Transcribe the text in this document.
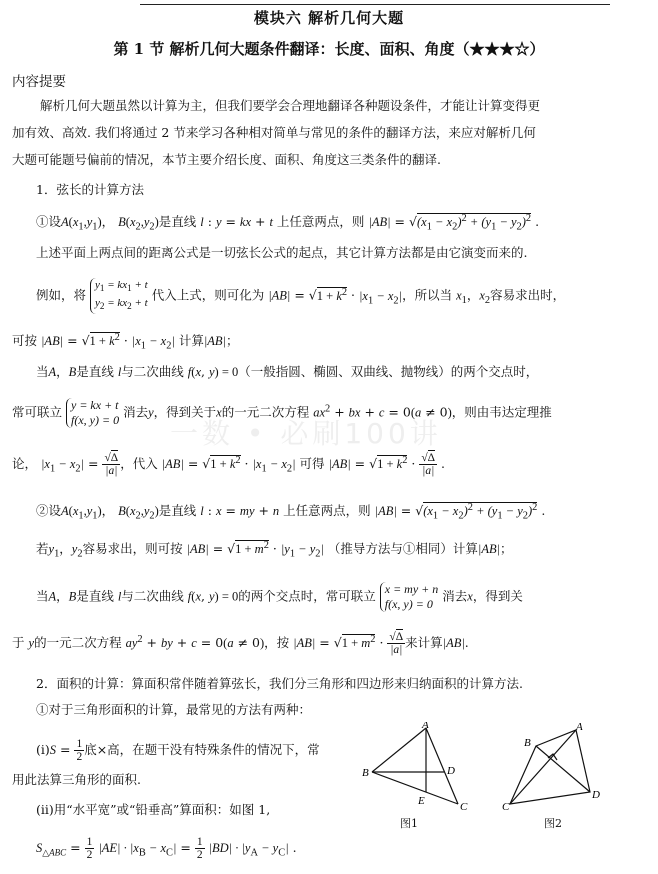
模块六 解析几何大题
第 1 节 解析几何大题条件翻译：长度、面积、角度（★★★☆）
内容提要
解析几何大题虽然以计算为主，但我们要学会合理地翻译各种题设条件，才能让计算变得更
加有效、高效. 我们将通过 2 节来学习各种相对简单与常见的条件的翻译方法，来应对解析几何
大题可能题号偏前的情况，本节主要介绍长度、面积、角度这三类条件的翻译.
1．弦长的计算方法
①设$A(x_1,y_1)$， $B(x_2,y_2)$是直线 l : y = kx + t 上任意两点，则 $|AB| = √(x_1 - x_2)^2 + (y_1 - y_2)^2$ .
上述平面上两点间的距离公式是一切弦长公式的起点，其它计算方法都是由它演变而来的.
例如，将 $y_1 = kx_1 + t$
$y_2 = kx_2 + t$ 代入上式，则可化为 $|AB| = √1 + k^2 \cdot |x_1 - x_2|$，所以当 $x_1$，$x_2$容易求出时，
可按 $|AB| = √1 + k^2 \cdot |x_1 - x_2|$ 计算|AB|；
当A，B是直线 l与二次曲线 f(x, y) = 0（一般指圆、椭圆、双曲线、抛物线）的两个交点时，
常可联立 y = kx + t
f(x, y) = 0 消去y，得到关于x的一元二次方程 $ax^2$ + bx + c = 0(a ≠ 0)，则由韦达定理推
论， $|x_1 - x_2| = \frac{√\Delta}{|a|}$ ，代入 $|AB| = √1 + k^2 \cdot |x_1 - x_2|$ 可得 $|AB| = √1 + k^2 \cdot \frac{√\Delta}{|a|}$ .
②设$A(x_1,y_1)$， $B(x_2,y_2)$是直线 l : x = my + n 上任意两点，则 $|AB| = √(x_1 - x_2)^2 + (y_1 - y_2)^2$ .
若$y_1$，$y_2$容易求出，则可按 $|AB| = √1 + m^2 \cdot |y_1 - y_2|$ （推导方法与①相同）计算|AB|；
当A，B是直线 l与二次曲线 f(x, y) = 0的两个交点时，常可联立 x = my + n
f(x, y) = 0 消去x，得到关
于 y的一元二次方程 $ay^2$ + by + c = 0(a ≠ 0)，按 $|AB| = √1 + m^2 \cdot \frac{√\Delta}{|a|}$ 来计算|AB|.
2．面积的计算：算面积常伴随着算弦长，我们分三角形和四边形来归纳面积的计算方法.
①对于三角形面积的计算，最常见的方法有两种：
$(i)S = \frac{1}{2}$ 底×高，在题干没有特殊条件的情况下，常
用此法算三角形的面积.
(ii)用“水平宽”或“铅垂高”算面积：如图 1,
$S_{\triangle ABC} = \frac{1}{2} |AE| \cdot |x_B - x_C| = \frac{1}{2} |BD| \cdot |y_A - y_C|$ .
A
B
C
D
E
图1
A
B
C
D
图2
一数 • 必刷100讲
